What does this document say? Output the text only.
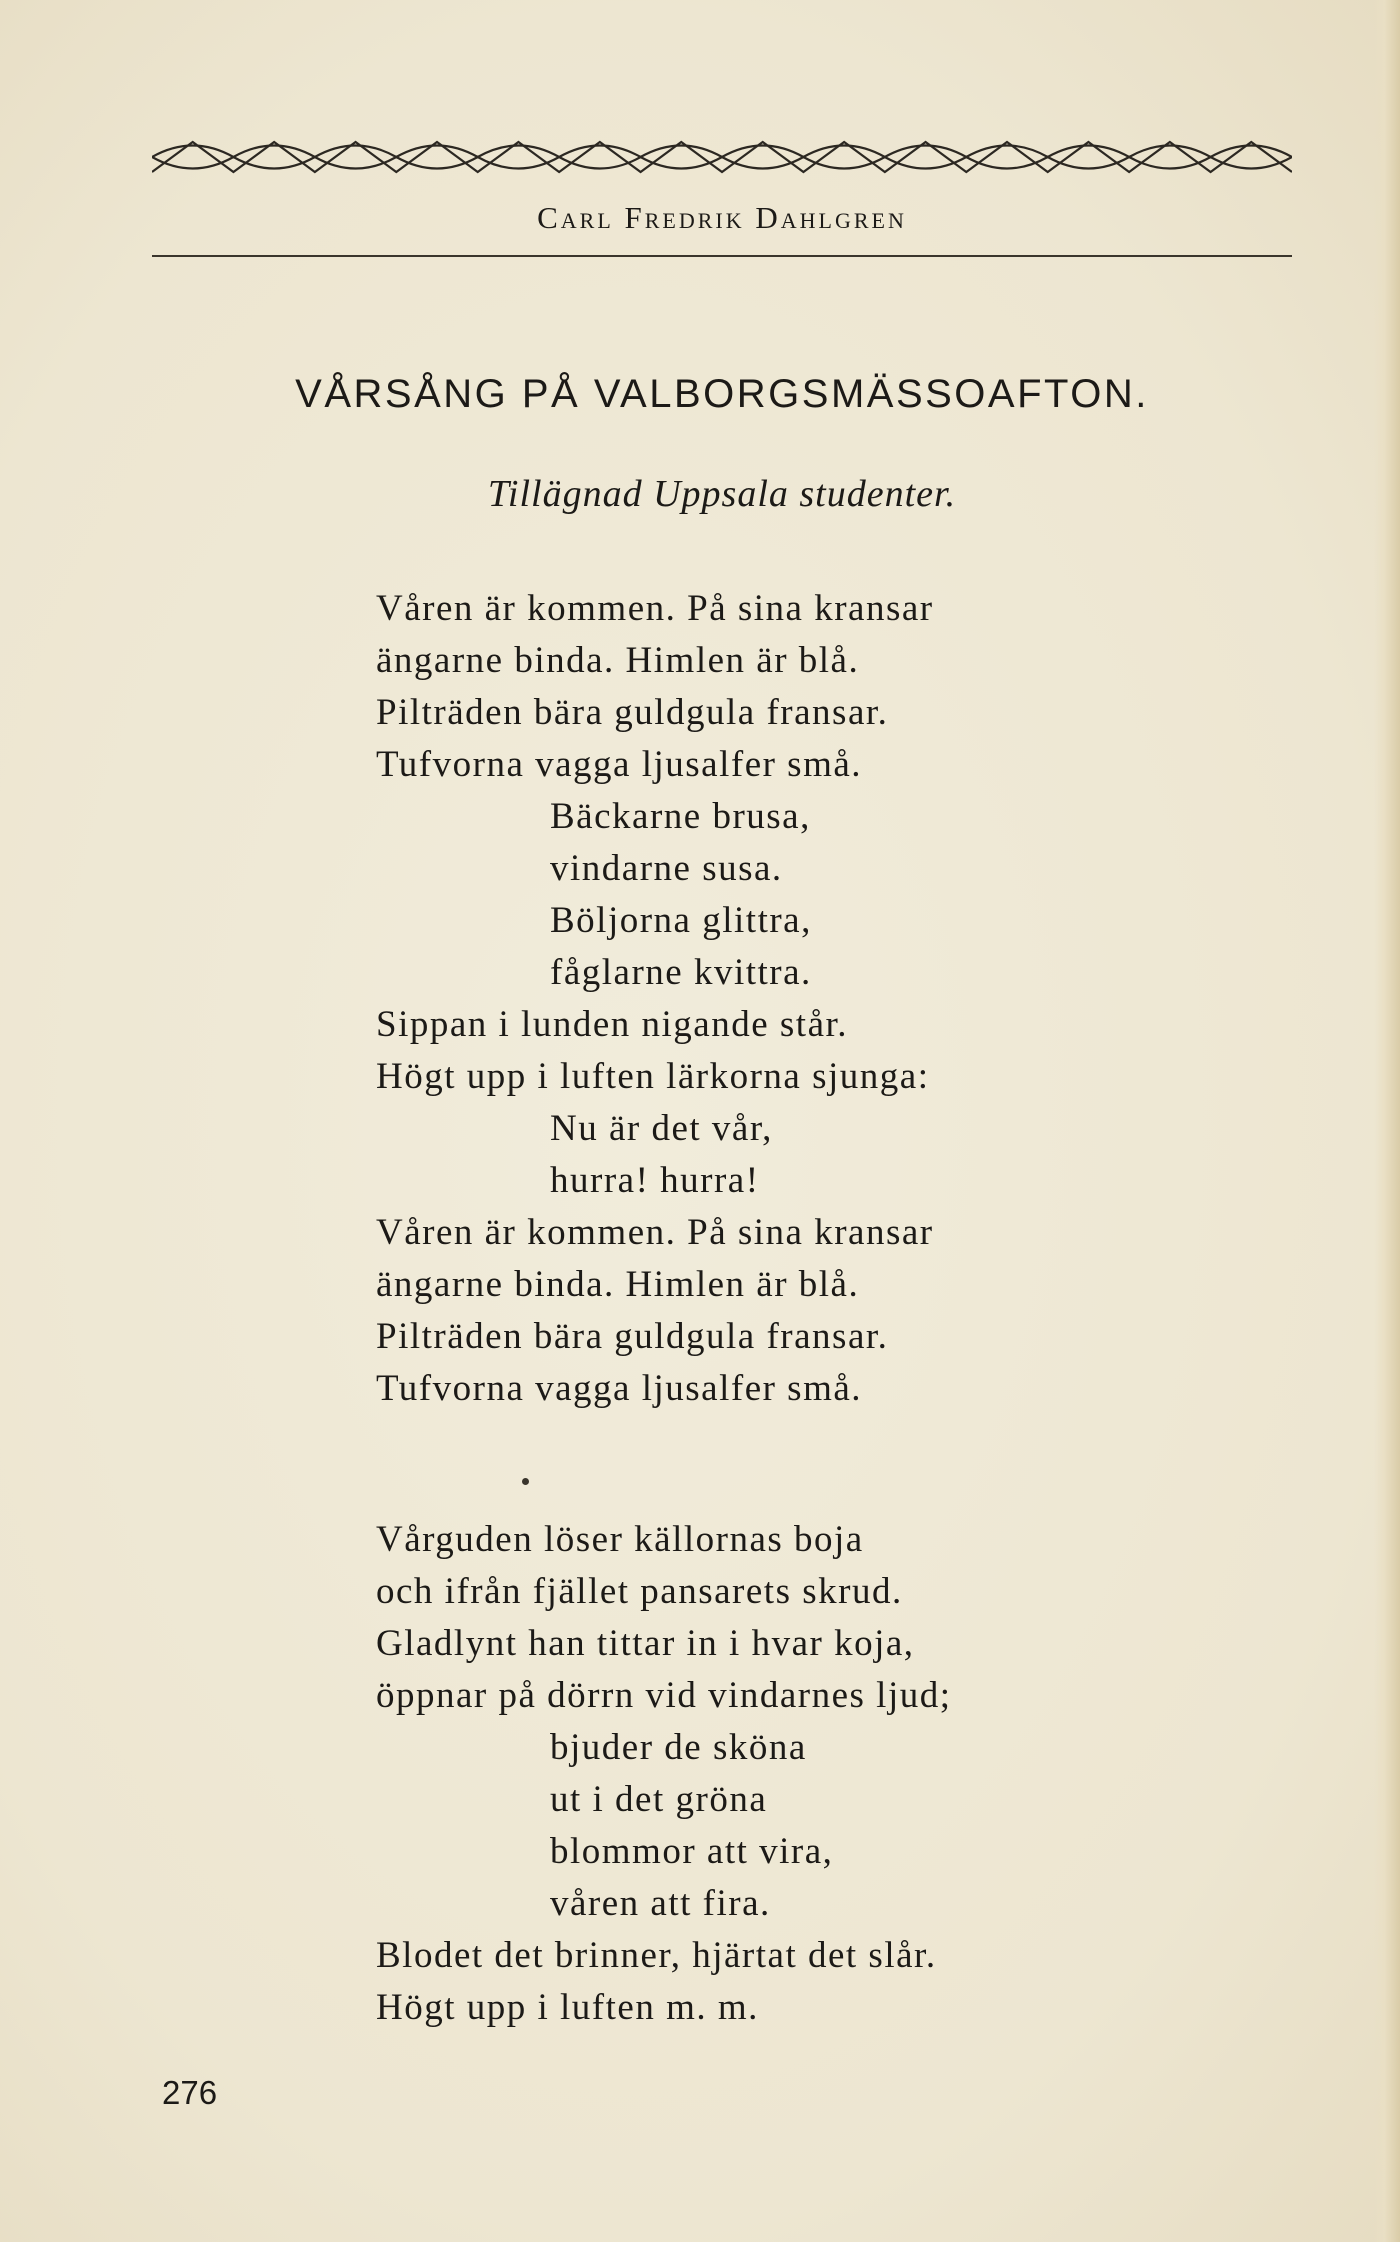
Carl Fredrik Dahlgren
VÅRSÅNG PÅ VALBORGSMÄSSOAFTON.
Tillägnad Uppsala studenter.
Våren är kommen. På sina kransar
ängarne binda. Himlen är blå.
Pilträden bära guldgula fransar.
Tufvorna vagga ljusalfer små.
Bäckarne brusa,
vindarne susa.
Böljorna glittra,
fåglarne kvittra.
Sippan i lunden nigande står.
Högt upp i luften lärkorna sjunga:
Nu är det vår,
hurra! hurra!
Våren är kommen. På sina kransar
ängarne binda. Himlen är blå.
Pilträden bära guldgula fransar.
Tufvorna vagga ljusalfer små.
Vårguden löser källornas boja
och ifrån fjället pansarets skrud.
Gladlynt han tittar in i hvar koja,
öppnar på dörrn vid vindarnes ljud;
bjuder de sköna
ut i det gröna
blommor att vira,
våren att fira.
Blodet det brinner, hjärtat det slår.
Högt upp i luften m. m.
276
